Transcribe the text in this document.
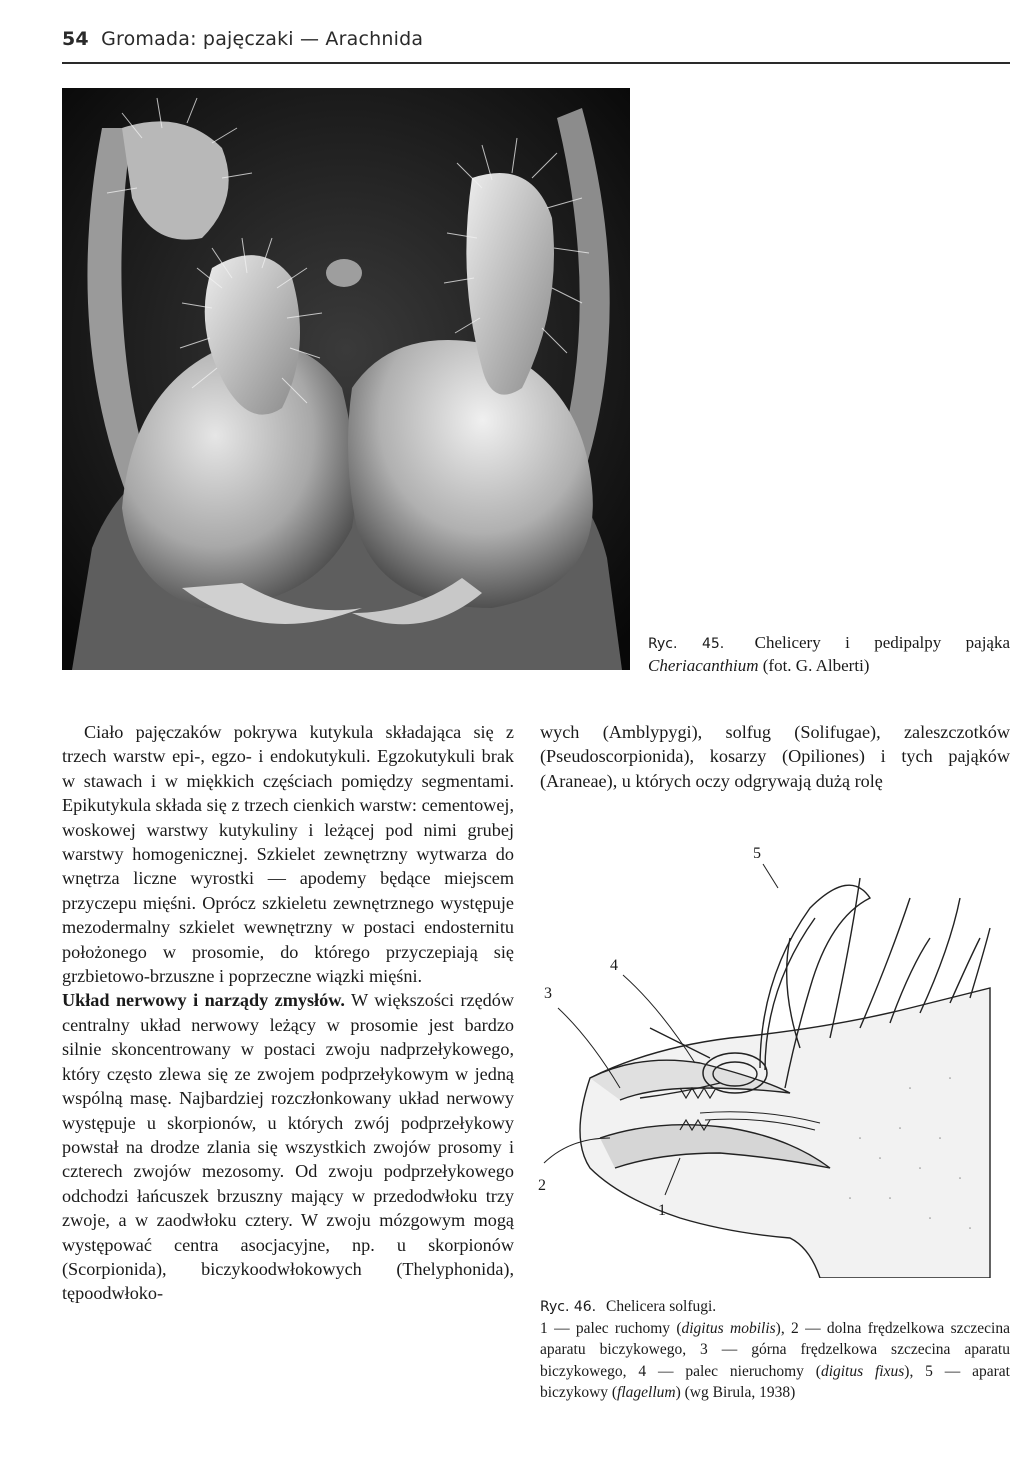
54 Gromada: pajęczaki — Arachnida
Ryc. 45. Chelicery i pedipalpy pająka Cheriacanthium (fot. G. Alberti)

Ciało pajęczaków pokrywa kutykula składająca się z trzech warstw epi-, egzo- i endokutykuli. Egzokutykuli brak w stawach i w miękkich częściach pomiędzy segmentami. Epikutykula składa się z trzech cienkich warstw: cementowej, woskowej warstwy kutykuliny i leżącej pod nimi grubej warstwy homogenicznej. Szkielet zewnętrzny wytwarza do wnętrza liczne wyrostki — apodemy będące miejscem przyczepu mięśni. Oprócz szkieletu zewnętrznego występuje mezodermalny szkielet wewnętrzny w postaci endosternitu położonego w prosomie, do którego przyczepiają się grzbietowo-brzuszne i poprzeczne wiązki mięśni.

Układ nerwowy i narządy zmysłów. W większości rzędów centralny układ nerwowy leżący w prosomie jest bardzo silnie skoncentrowany w postaci zwoju nadprzełykowego, który często zlewa się ze zwojem podprzełykowym w jedną wspólną masę. Najbardziej rozczłonkowany układ nerwowy występuje u skorpionów, u których zwój podprzełykowy powstał na drodze zlania się wszystkich zwojów prosomy i czterech zwojów mezosomy. Od zwoju podprzełykowego odchodzi łańcuszek brzuszny mający w przedodwłoku trzy zwoje, a w zaodwłoku cztery. W zwoju mózgowym mogą występować centra asocjacyjne, np. u skorpionów (Scorpionida), biczykoodwłokowych (Thelyphonida), tępoodwłoko-

wych (Amblypygi), solfug (Solifugae), zaleszczotków (Pseudoscorpionida), kosarzy (Opiliones) i tych pająków (Araneae), u których oczy odgrywają dużą rolę

5
4
3
2
1
Ryc. 46. Chelicera solfugi.
1 — palec ruchomy (digitus mobilis), 2 — dolna frędzelkowa szczecina aparatu biczykowego, 3 — górna frędzelkowa szczecina aparatu biczykowego, 4 — palec nieruchomy (digitus fixus), 5 — aparat biczykowy (flagellum) (wg Birula, 1938)
